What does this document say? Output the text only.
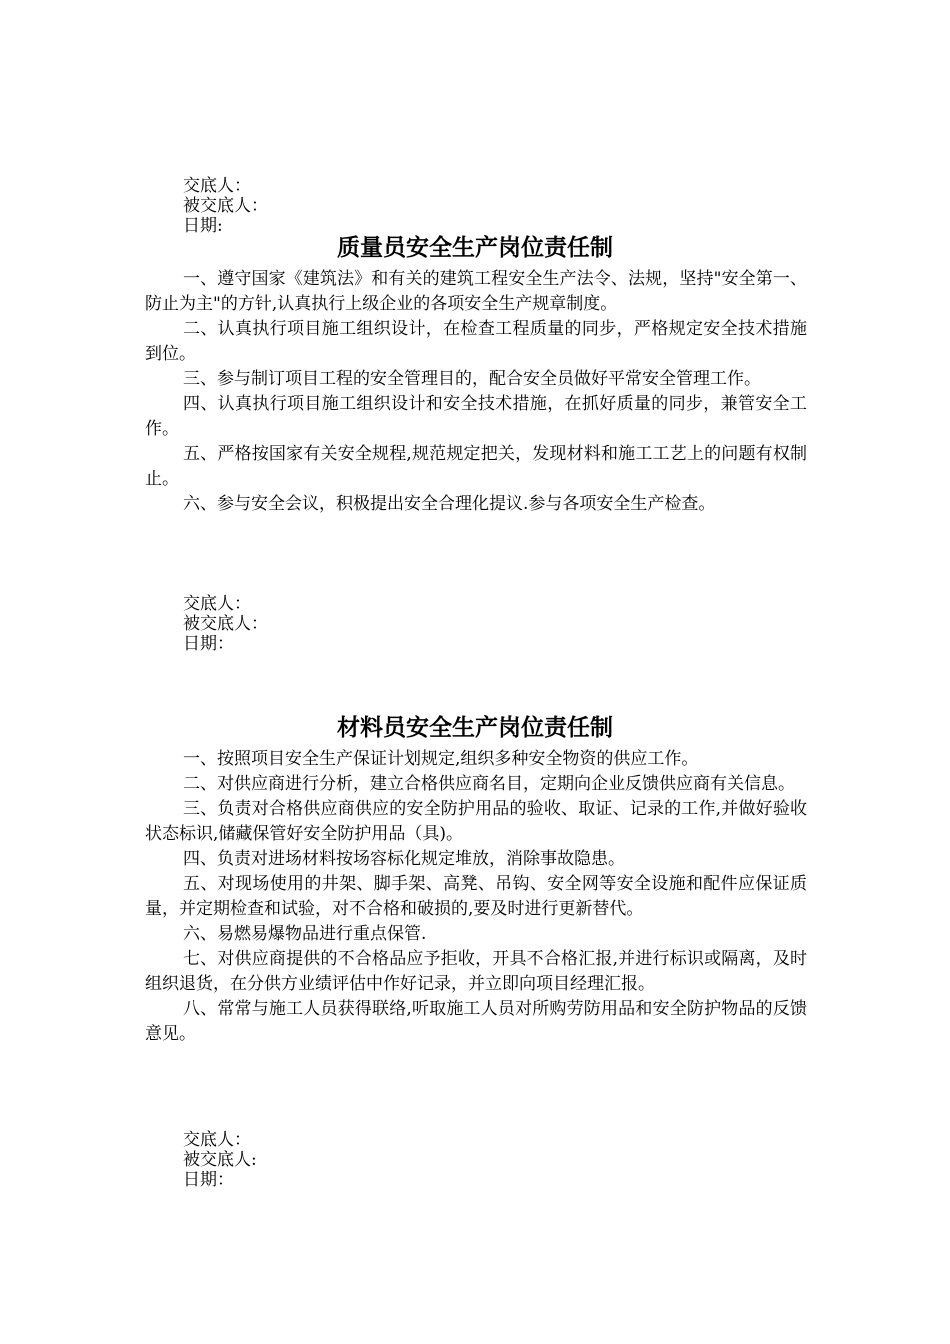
交底人：
被交底人：
日期:
质量员安全生产岗位责任制

一、遵守国家《建筑法》和有关的建筑工程安全生产法令、法规，坚持"安全第一、防止为主"的方针,认真执行上级企业的各项安全生产规章制度。

二、认真执行项目施工组织设计，在检查工程质量的同步，严格规定安全技术措施到位。

三、参与制订项目工程的安全管理目的，配合安全员做好平常安全管理工作。

四、认真执行项目施工组织设计和安全技术措施，在抓好质量的同步，兼管安全工作。

五、严格按国家有关安全规程,规范规定把关，发现材料和施工工艺上的问题有权制止。

六、参与安全会议，积极提出安全合理化提议.参与各项安全生产检查。

交底人：
被交底人：
日期：
材料员安全生产岗位责任制

一、按照项目安全生产保证计划规定,组织多种安全物资的供应工作。

二、对供应商进行分析，建立合格供应商名目，定期向企业反馈供应商有关信息。

三、负责对合格供应商供应的安全防护用品的验收、取证、记录的工作,并做好验收状态标识,储藏保管好安全防护用品（具)。

四、负责对进场材料按场容标化规定堆放，消除事故隐患。

五、对现场使用的井架、脚手架、高凳、吊钩、安全网等安全设施和配件应保证质量，并定期检查和试验，对不合格和破损的,要及时进行更新替代。

六、易燃易爆物品进行重点保管.

七、对供应商提供的不合格品应予拒收，开具不合格汇报,并进行标识或隔离，及时组织退货，在分供方业绩评估中作好记录，并立即向项目经理汇报。

八、常常与施工人员获得联络,听取施工人员对所购劳防用品和安全防护物品的反馈意见。

交底人：
被交底人:
日期：
